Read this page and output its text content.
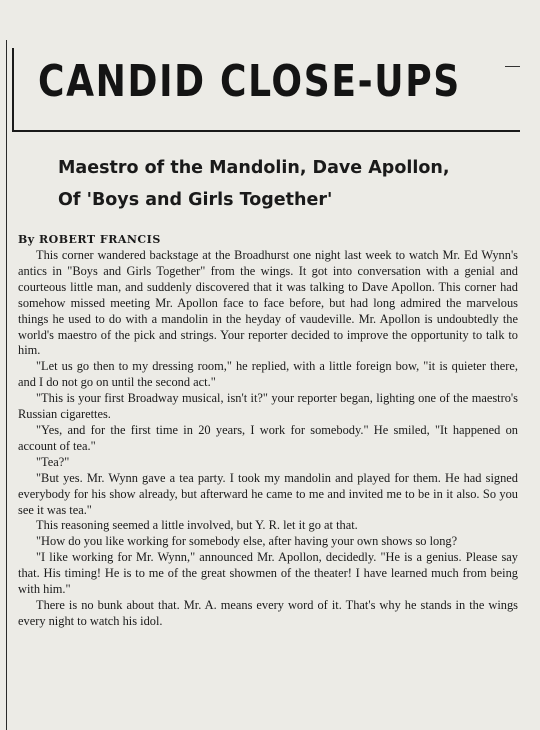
CANDID CLOSE-UPS
Maestro of the Mandolin, Dave Apollon,
Of 'Boys and Girls Together'
By ROBERT FRANCIS

This corner wandered backstage at the Broadhurst one night last week to watch Mr. Ed Wynn's antics in "Boys and Girls Together" from the wings. It got into conversation with a genial and courteous little man, and suddenly discovered that it was talking to Dave Apollon. This corner had somehow missed meeting Mr. Apollon face to face before, but had long admired the marvelous things he used to do with a mandolin in the heyday of vaudeville. Mr. Apollon is undoubtedly the world's maestro of the pick and strings. Your reporter decided to improve the opportunity to talk to him.

"Let us go then to my dressing room," he replied, with a little foreign bow, "it is quieter there, and I do not go on until the second act."

"This is your first Broadway musical, isn't it?" your reporter began, lighting one of the maestro's Russian cigarettes.

"Yes, and for the first time in 20 years, I work for somebody." He smiled, "It happened on account of tea."

"Tea?"

"But yes. Mr. Wynn gave a tea party. I took my mandolin and played for them. He had signed everybody for his show already, but afterward he came to me and invited me to be in it also. So you see it was tea."

This reasoning seemed a little involved, but Y. R. let it go at that.

"How do you like working for somebody else, after having your own shows so long?

"I like working for Mr. Wynn," announced Mr. Apollon, decidedly. "He is a genius. Please say that. His timing! He is to me of the great showmen of the theater! I have learned much from being with him."

There is no bunk about that. Mr. A. means every word of it. That's why he stands in the wings every night to watch his idol.
